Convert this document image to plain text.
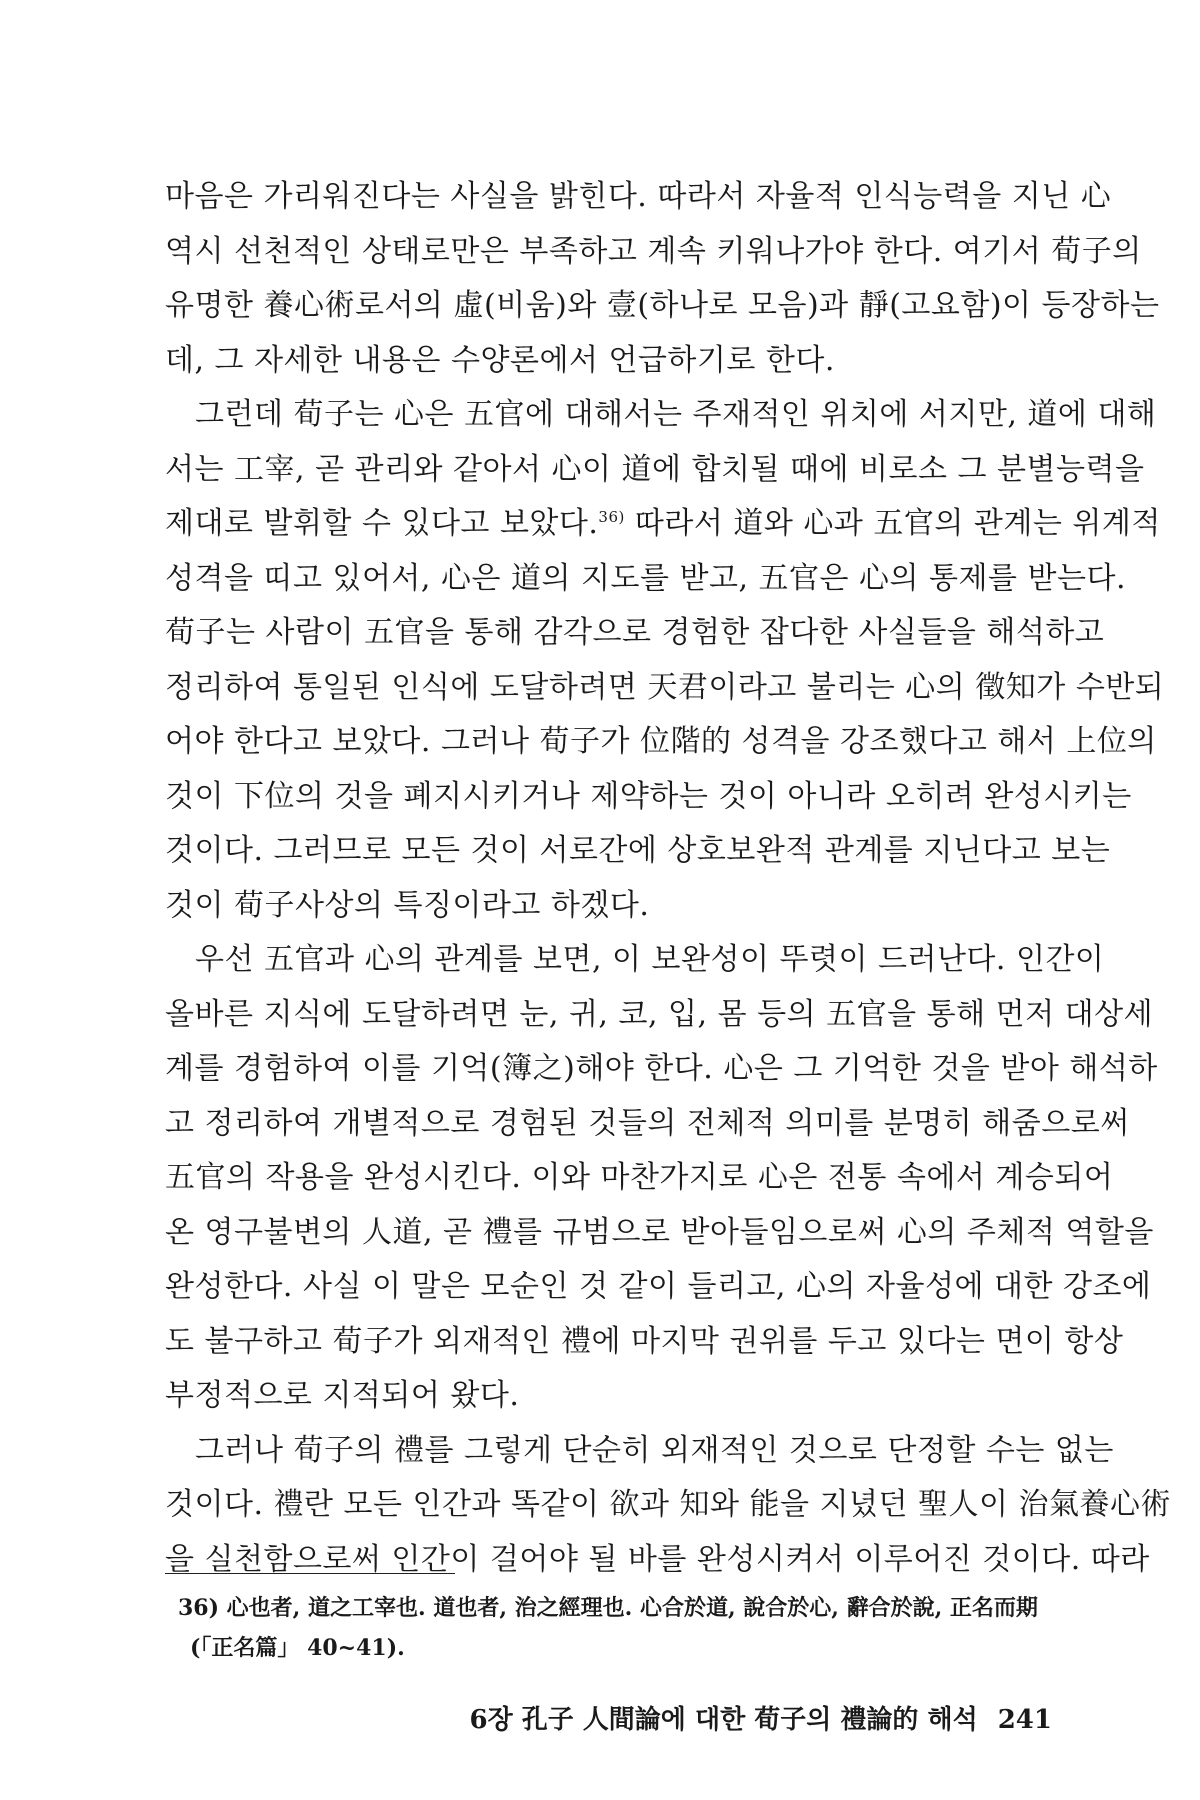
마음은 가리워진다는 사실을 밝힌다. 따라서 자율적 인식능력을 지닌 心
역시 선천적인 상태로만은 부족하고 계속 키워나가야 한다. 여기서 荀子의
유명한 養心術로서의 虛(비움)와 壹(하나로 모음)과 靜(고요함)이 등장하는
데, 그 자세한 내용은 수양론에서 언급하기로 한다.
그런데 荀子는 心은 五官에 대해서는 주재적인 위치에 서지만, 道에 대해
서는 工宰, 곧 관리와 같아서 心이 道에 합치될 때에 비로소 그 분별능력을
제대로 발휘할 수 있다고 보았다.$^{36)}$ 따라서 道와 心과 五官의 관계는 위계적
성격을 띠고 있어서, 心은 道의 지도를 받고, 五官은 心의 통제를 받는다.
荀子는 사람이 五官을 통해 감각으로 경험한 잡다한 사실들을 해석하고
정리하여 통일된 인식에 도달하려면 天君이라고 불리는 心의 徵知가 수반되
어야 한다고 보았다. 그러나 荀子가 位階的 성격을 강조했다고 해서 上位의
것이 下位의 것을 폐지시키거나 제약하는 것이 아니라 오히려 완성시키는
것이다. 그러므로 모든 것이 서로간에 상호보완적 관계를 지닌다고 보는
것이 荀子사상의 특징이라고 하겠다.
우선 五官과 心의 관계를 보면, 이 보완성이 뚜렷이 드러난다. 인간이
올바른 지식에 도달하려면 눈, 귀, 코, 입, 몸 등의 五官을 통해 먼저 대상세
계를 경험하여 이를 기억(簿之)해야 한다. 心은 그 기억한 것을 받아 해석하
고 정리하여 개별적으로 경험된 것들의 전체적 의미를 분명히 해줌으로써
五官의 작용을 완성시킨다. 이와 마찬가지로 心은 전통 속에서 계승되어
온 영구불변의 人道, 곧 禮를 규범으로 받아들임으로써 心의 주체적 역할을
완성한다. 사실 이 말은 모순인 것 같이 들리고, 心의 자율성에 대한 강조에
도 불구하고 荀子가 외재적인 禮에 마지막 권위를 두고 있다는 면이 항상
부정적으로 지적되어 왔다.
그러나 荀子의 禮를 그렇게 단순히 외재적인 것으로 단정할 수는 없는
것이다. 禮란 모든 인간과 똑같이 欲과 知와 能을 지녔던 聖人이 治氣養心術
을 실천함으로써 인간이 걸어야 될 바를 완성시켜서 이루어진 것이다. 따라
36) 心也者, 道之工宰也. 道也者, 治之經理也. 心合於道, 說合於心, 辭合於說, 正名而期
(「正名篇」 40~41).
6장 孔子 人間論에 대한 荀子의 禮論的 해석 241
